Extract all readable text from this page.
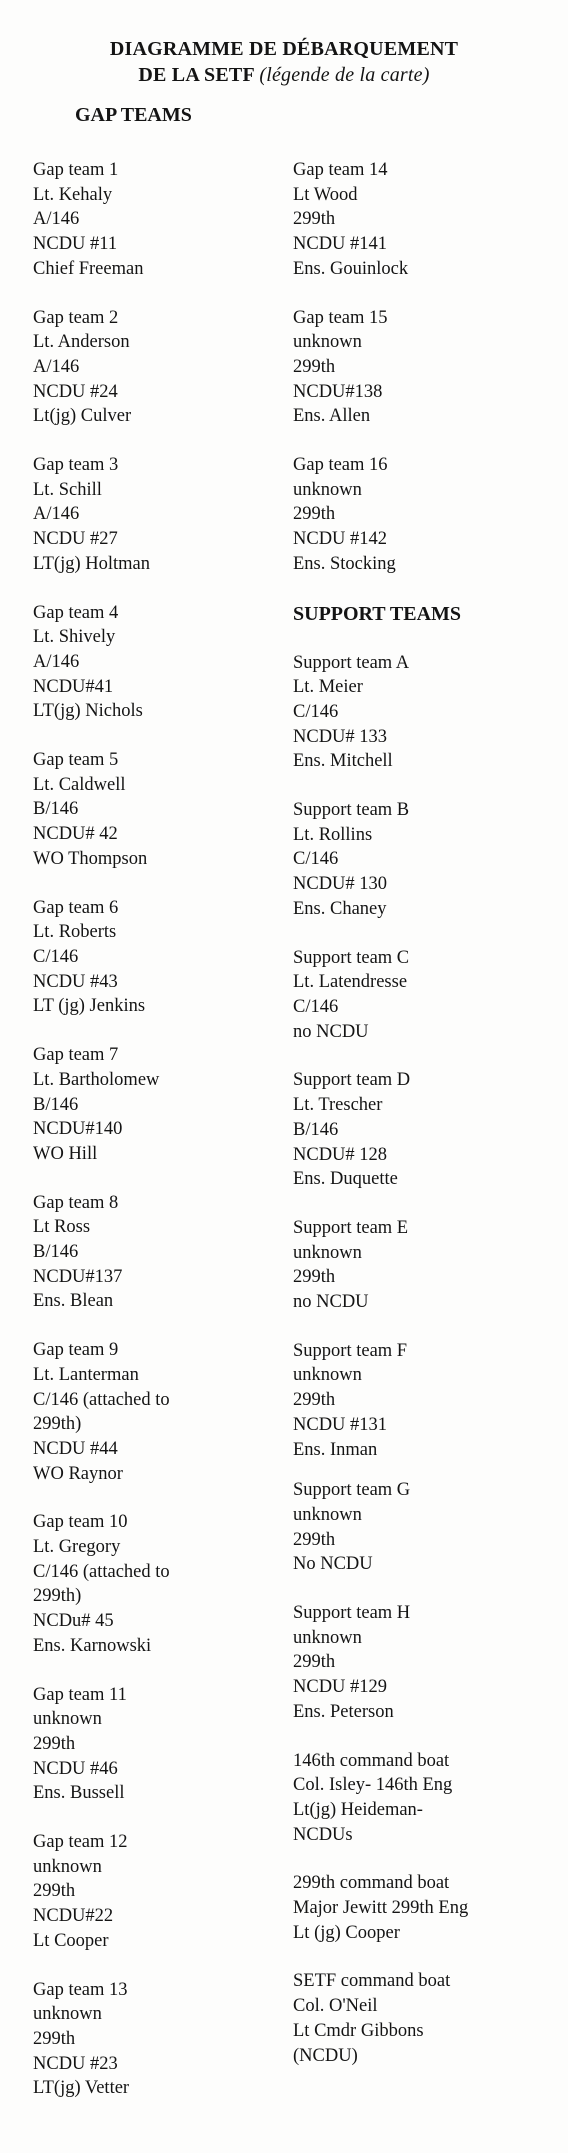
DIAGRAMME DE DÉBARQUEMENT
DE LA SETF (légende de la carte)
GAP TEAMS
Gap team 1
Lt. Kehaly
A/146
NCDU #11
Chief Freeman
Gap team 2
Lt. Anderson
A/146
NCDU #24
Lt(jg) Culver
Gap team 3
Lt. Schill
A/146
NCDU #27
LT(jg) Holtman
Gap team 4
Lt. Shively
A/146
NCDU#41
LT(jg) Nichols
Gap team 5
Lt. Caldwell
B/146
NCDU# 42
WO Thompson
Gap team 6
Lt. Roberts
C/146
NCDU #43
LT (jg) Jenkins
Gap team 7
Lt. Bartholomew
B/146
NCDU#140
WO Hill
Gap team 8
Lt Ross
B/146
NCDU#137
Ens. Blean
Gap team 9
Lt. Lanterman
C/146 (attached to
299th)
NCDU #44
WO Raynor
Gap team 10
Lt. Gregory
C/146 (attached to
299th)
NCDu# 45
Ens. Karnowski
Gap team 11
unknown
299th
NCDU #46
Ens. Bussell
Gap team 12
unknown
299th
NCDU#22
Lt Cooper
Gap team 13
unknown
299th
NCDU #23
LT(jg) Vetter
Gap team 14
Lt Wood
299th
NCDU #141
Ens. Gouinlock
Gap team 15
unknown
299th
NCDU#138
Ens. Allen
Gap team 16
unknown
299th
NCDU #142
Ens. Stocking
SUPPORT TEAMS
Support team A
Lt. Meier
C/146
NCDU# 133
Ens. Mitchell
Support team B
Lt. Rollins
C/146
NCDU# 130
Ens. Chaney
Support team C
Lt. Latendresse
C/146
no NCDU
Support team D
Lt. Trescher
B/146
NCDU# 128
Ens. Duquette
Support team E
unknown
299th
no NCDU
Support team F
unknown
299th
NCDU #131
Ens. Inman
Support team G
unknown
299th
No NCDU
Support team H
unknown
299th
NCDU #129
Ens. Peterson
146th command boat
Col. Isley- 146th Eng
Lt(jg) Heideman-
NCDUs
299th command boat
Major Jewitt 299th Eng
Lt (jg) Cooper
SETF command boat
Col. O'Neil
Lt Cmdr Gibbons
(NCDU)
